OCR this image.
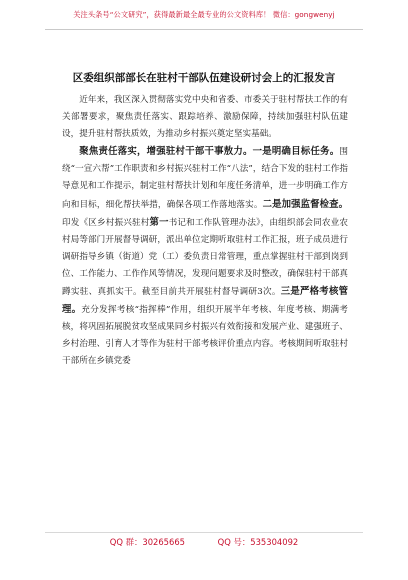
关注头条号“公文研究”，获得最新最全最专业的公文资料库！ 微信：gongwenyj
区委组织部部长在驻村干部队伍建设研讨会上的汇报发言

近年来，我区深入贯彻落实党中央和省委、市委关于驻村帮扶工作的有关部署要求，聚焦责任落实、跟踪培养、激励保障，持续加强驻村队伍建设，提升驻村帮扶质效，为推动乡村振兴奠定坚实基础。

聚焦责任落实，增强驻村干部干事敖力。一是明确目标任务。围绕“一宣六帮”工作职责和乡村振兴驻村工作“八法”，结合下发的驻村工作指导意见和工作提示，制定驻村帮扶计划和年度任务清单，进一步明确工作方向和目标，细化帮扶举措，确保各项工作落地落实。二是加强监督检查。印发《区乡村振兴驻村第一书记和工作队管理办法》，由组织部会同农业农村局等部门开展督导调研，派出单位定期听取驻村工作汇报，班子成员进行调研指导乡镇（街道）党（工）委负责日常管理，重点掌握驻村干部到岗到位、工作能力、工作作风等情况，发现问题要求及时整改，确保驻村干部真蹲实驻、真抓实干。截至目前共开展驻村督导调研3次。三是严格考核管理。充分发挥考核“指挥棒”作用，组织开展半年考核、年度考核、期满考核，将巩固拓展脱贫攻坚成果同乡村振兴有效衔接和发展产业、建强班子、乡村治理、引育人才等作为驻村干部考核评价重点内容。考核期间听取驻村干部所在乡镇党委

QQ 群：30265665	QQ 号：535304092
